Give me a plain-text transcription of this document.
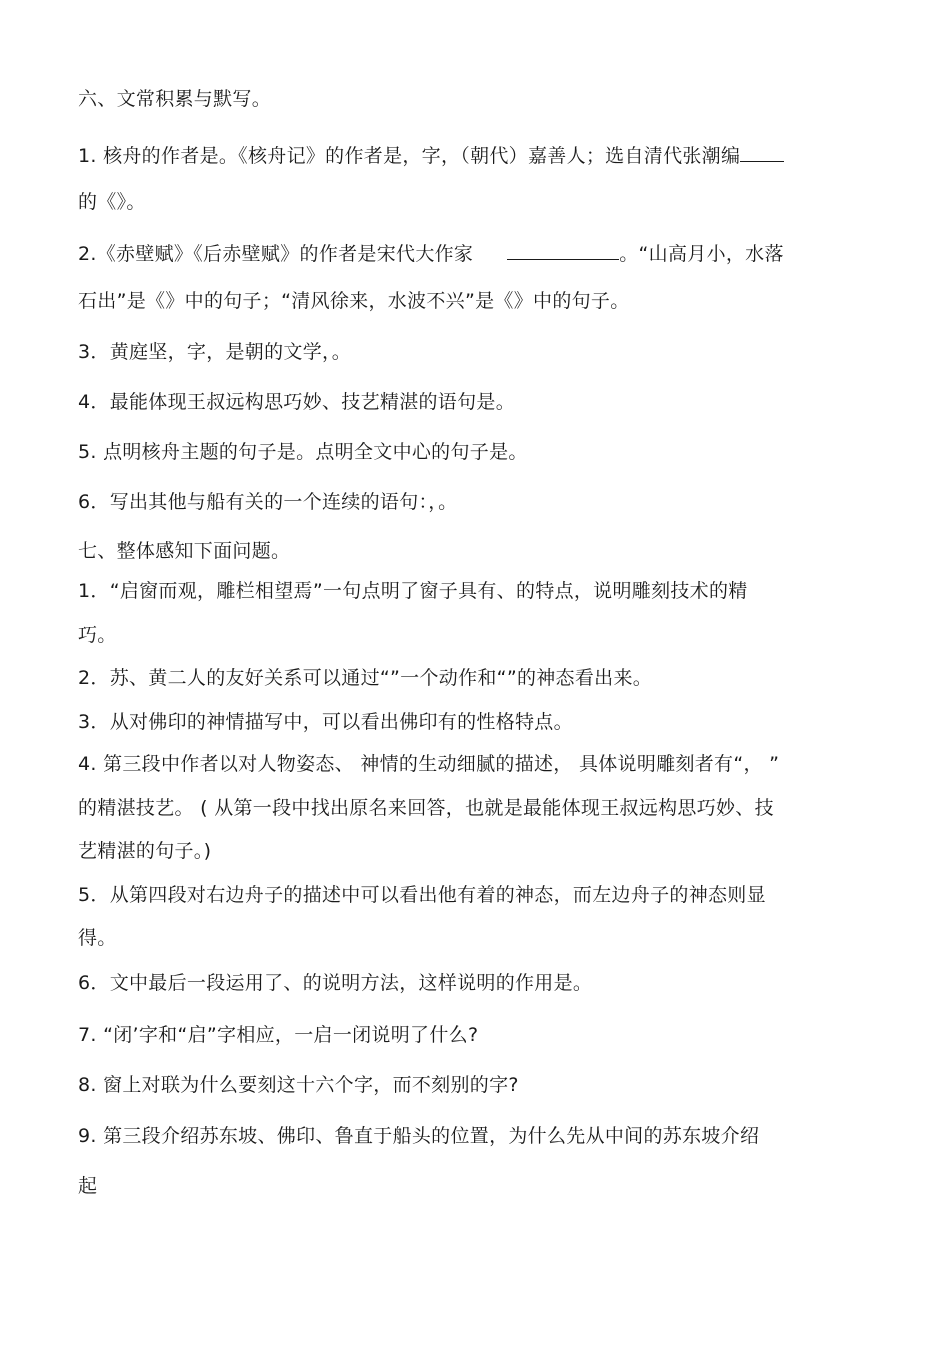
六、文常积累与默写。
1. 核舟的作者是。《核舟记》的作者是，字，（朝代）嘉善人；选自清代张潮编
的《》。
2.《赤壁赋》《后赤壁赋》的作者是宋代大作家	。“山高月小，水落
石出”是《》中的句子；“清风徐来，水波不兴”是《》中的句子。
3．黄庭坚，字，是朝的文学，。
4．最能体现王叔远构思巧妙、技艺精湛的语句是。
5. 点明核舟主题的句子是。点明全文中心的句子是。
6．写出其他与船有关的一个连续的语句：，。
七、整体感知下面问题。
1．“启窗而观，雕栏相望焉”一句点明了窗子具有、的特点，说明雕刻技术的精
巧。
2．苏、黄二人的友好关系可以通过“”一个动作和“”的神态看出来。
3．从对佛印的神情描写中，可以看出佛印有的性格特点。
4. 第三段中作者以对人物姿态、 神情的生动细腻的描述， 具体说明雕刻者有“， ”
的精湛技艺。 ( 从第一段中找出原名来回答，也就是最能体现王叔远构思巧妙、技
艺精湛的句子。)
5．从第四段对右边舟子的描述中可以看出他有着的神态，而左边舟子的神态则显
得。
6．文中最后一段运用了、的说明方法，这样说明的作用是。
7. “闭’字和“启”字相应，一启一闭说明了什么?
8. 窗上对联为什么要刻这十六个字，而不刻别的字?
9. 第三段介绍苏东坡、佛印、鲁直于船头的位置，为什么先从中间的苏东坡介绍
起
